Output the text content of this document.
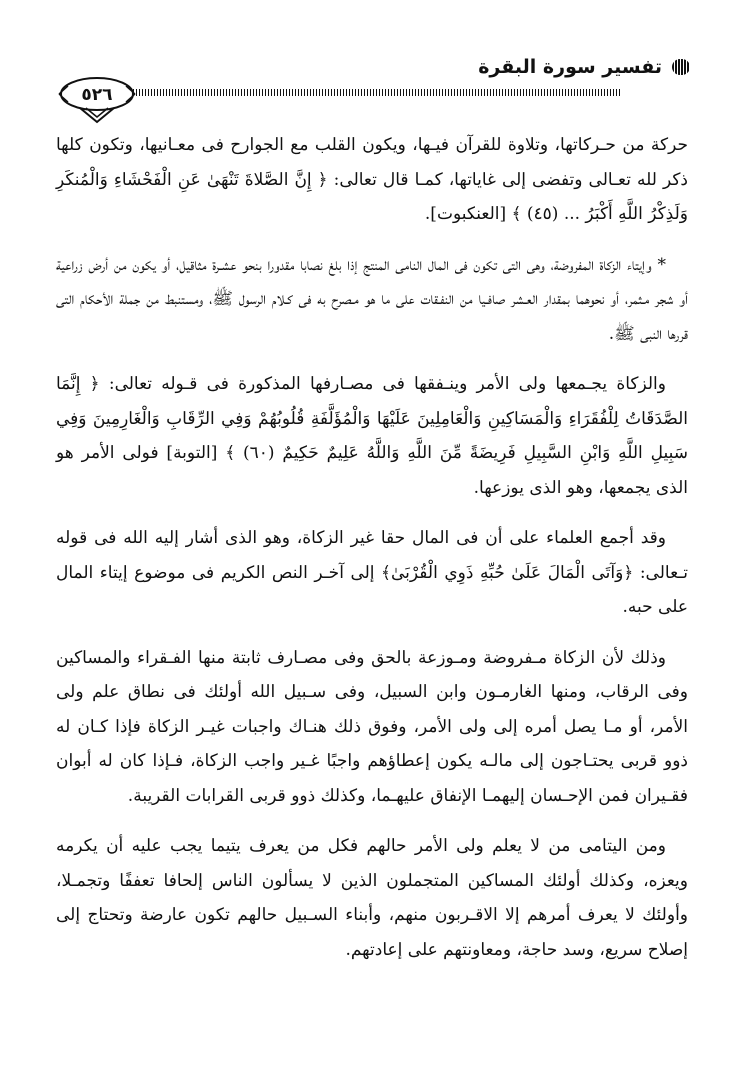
تفسير سورة البقرة
٥٢٦

حركة من حـركاتها، وتلاوة للقرآن فيـها، ويكون القلب مع الجوارح فى معـانيها، وتكون كلها ذكر لله تعـالى وتفضى إلى غاياتها، كمـا قال تعالى: ﴿ إِنَّ الصَّلاةَ تَنْهَىٰ عَنِ الْفَحْشَاءِ وَالْمُنكَرِ وَلَذِكْرُ اللَّهِ أَكْبَرُ ... (٤٥) ﴾ [العنكبوت].

* وإيتاء الزكاة المفروضة، وهى التى تكون فى المال النامى المنتج إذا بلغ نصابا مقدورا بنحو عشـرة مثاقيل، أو يكون من أرض زراعية أو شجر مـثمر، أو نحوهما بمقدار العـشر صافـيا من النفـقات على ما هو مـصرح به فى كـلام الرسول ﷺ، ومستنبط من جملة الأحكام التى قررها النبى ﷺ.

والزكاة يجـمعها ولى الأمر وينـفقها فى مصـارفها المذكورة فى قـوله تعالى: ﴿ إِنَّمَا الصَّدَقَاتُ لِلْفُقَرَاءِ وَالْمَسَاكِينِ وَالْعَامِلِينَ عَلَيْهَا وَالْمُؤَلَّفَةِ قُلُوبُهُمْ وَفِي الرِّقَابِ وَالْغَارِمِينَ وَفِي سَبِيلِ اللَّهِ وَابْنِ السَّبِيلِ فَرِيضَةً مِّنَ اللَّهِ وَاللَّهُ عَلِيمٌ حَكِيمٌ (٦٠) ﴾ [التوبة] فولى الأمر هو الذى يجمعها، وهو الذى يوزعها.

وقد أجمع العلماء على أن فى المال حقا غير الزكاة، وهو الذى أشار إليه الله فى قوله تـعالى: ﴿وَآتَى الْمَالَ عَلَىٰ حُبِّهِ ذَوِي الْقُرْبَىٰ﴾ إلى آخـر النص الكريم فى موضوع إيتاء المال على حبه.

وذلك لأن الزكاة مـفروضة ومـوزعة بالحق وفى مصـارف ثابتة منها الفـقراء والمساكين وفى الرقاب، ومنها الغارمـون وابن السبيل، وفى سـبيل الله أولئك فى نطاق علم ولى الأمر، أو مـا يصل أمره إلى ولى الأمر، وفوق ذلك هنـاك واجبات غيـر الزكاة فإذا كـان له ذوو قربى يحتـاجون إلى مالـه يكون إعطاؤهم واجبًا غـير واجب الزكاة، فـإذا كان له أبوان فقـيران فمن الإحـسان إليهمـا الإنفاق عليهـما، وكذلك ذوو قربى القرابات القريبة.

ومن اليتامى من لا يعلم ولى الأمر حالهم فكل من يعرف يتيما يجب عليه أن يكرمه ويعزه، وكذلك أولئك المساكين المتجملون الذين لا يسألون الناس إلحافا تعففًا وتجمـلا، وأولئك لا يعرف أمرهم إلا الاقـربون منهم، وأبناء السـبيل حالهم تكون عارضة وتحتاج إلى إصلاح سريع، وسد حاجة، ومعاونتهم على إعادتهم.
